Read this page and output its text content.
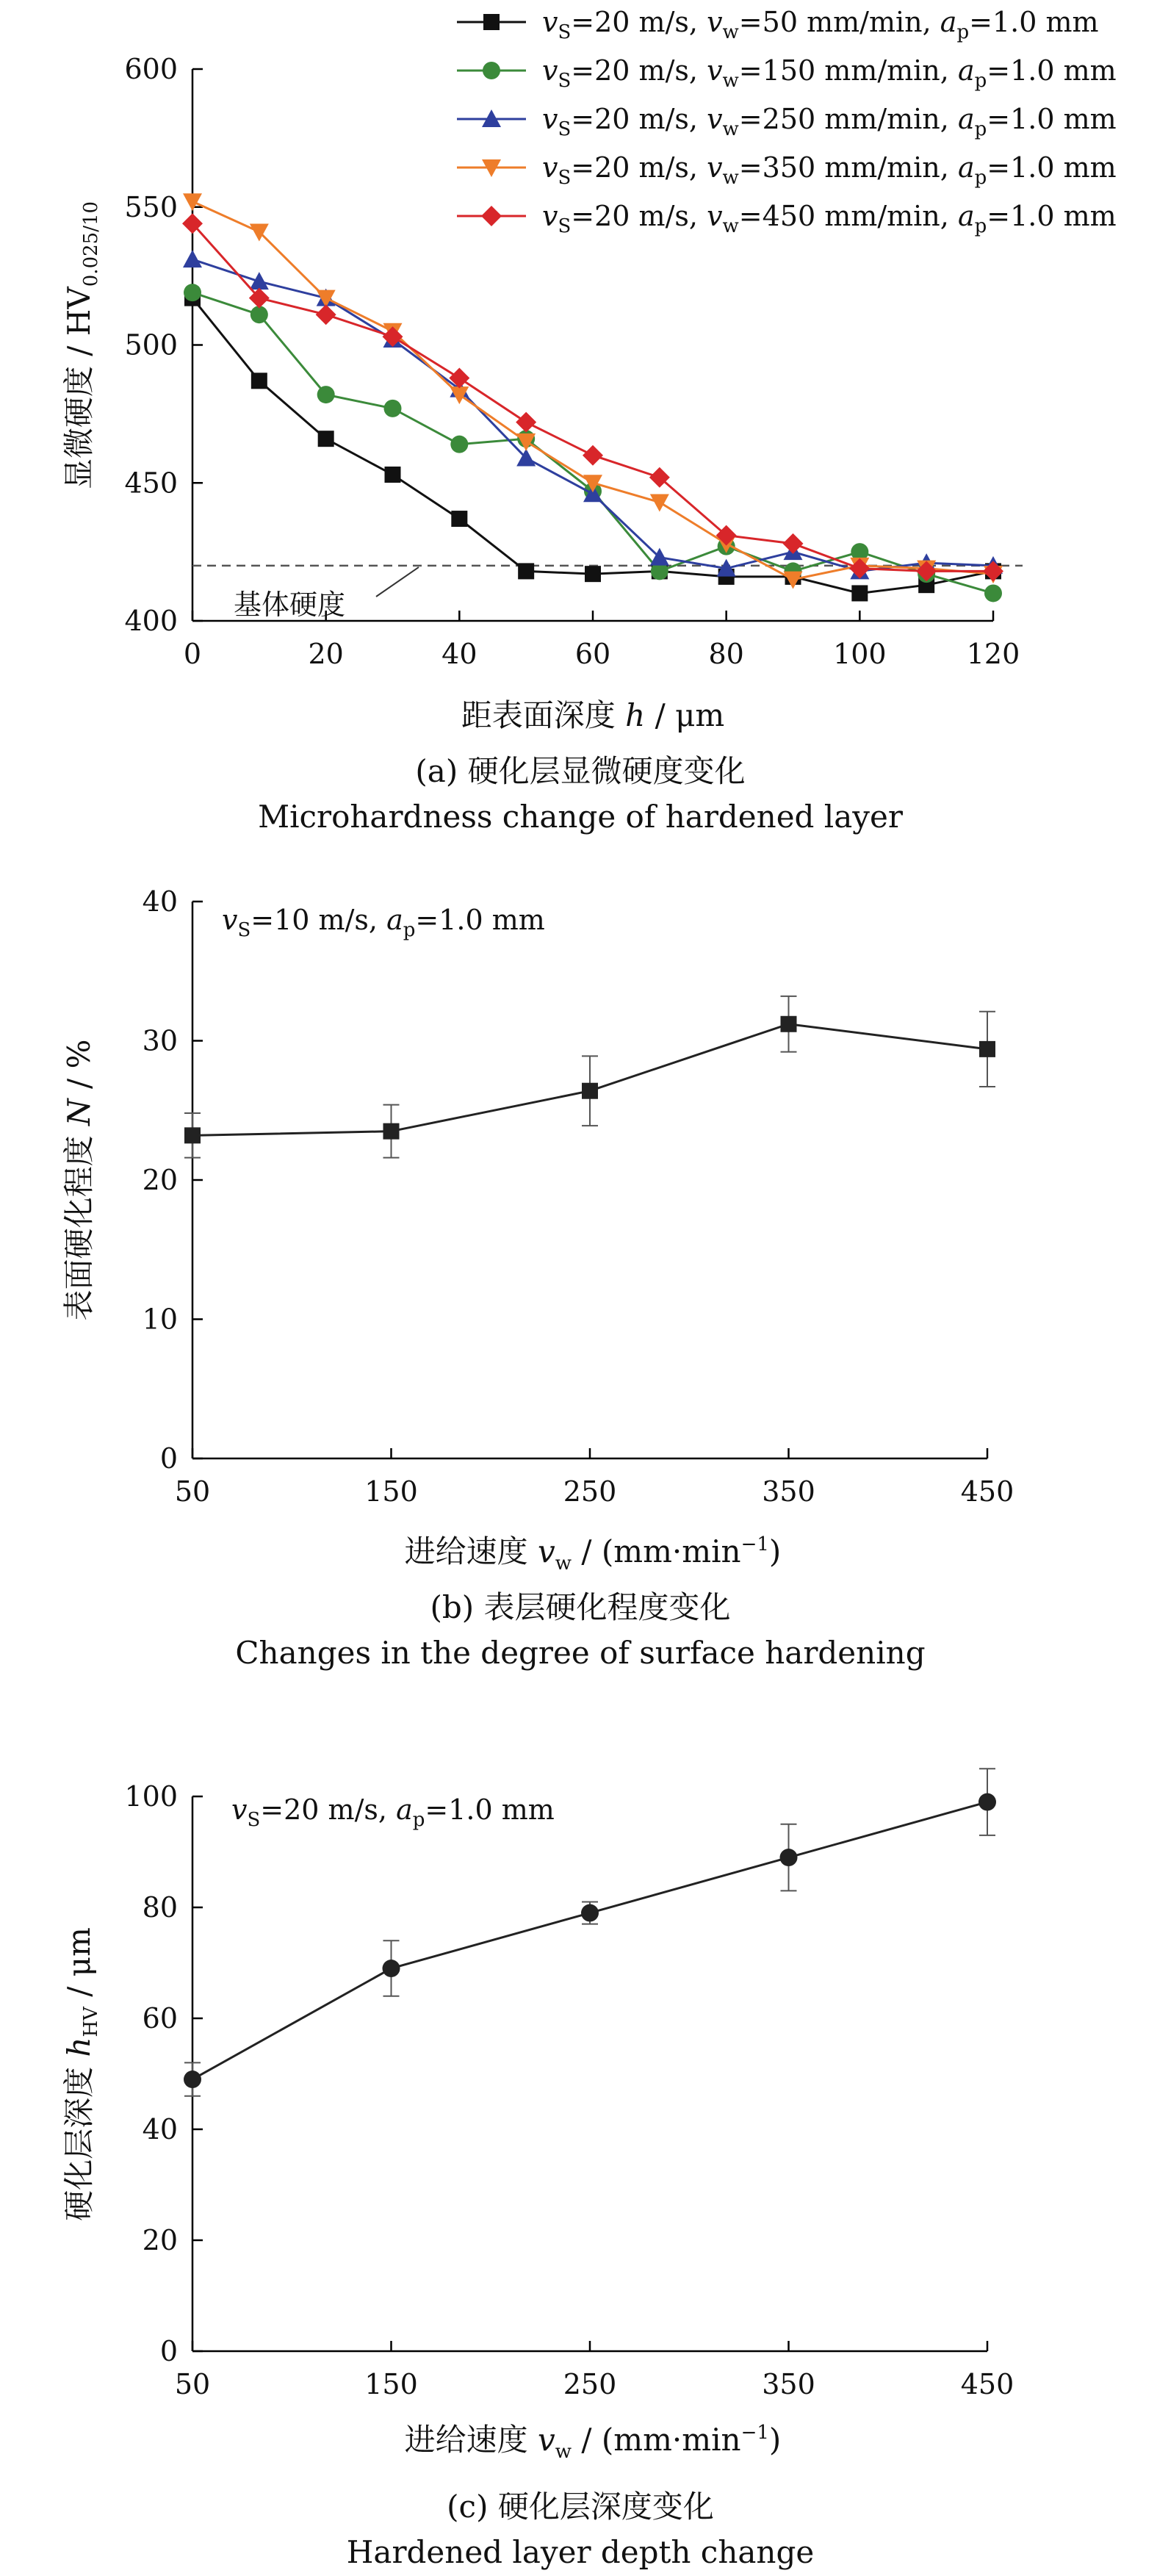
0	20	40	60	80	100	120
400
450
500
550
600
基体硬度
$v_S=20$ m/s, $v_w=50$ mm/min, $a_p=1.0$ mm
$v_S=20$ m/s, $v_w=150$ mm/min, $a_p=1.0$ mm
$v_S=20$ m/s, $v_w=250$ mm/min, $a_p=1.0$ mm
$v_S=20$ m/s, $v_w=350$ mm/min, $a_p=1.0$ mm
$v_S=20$ m/s, $v_w=450$ mm/min, $a_p=1.0$ mm
距表面深度 h / μm
显微硬度 / $HV_{0.025/10}$
(a) 硬化层显微硬度变化
Microhardness change of hardened layer
50	150	250	350	450
0
10
20
30
40
$v_S=10$ m/s, $a_p=1.0$ mm
进给速度 $v_w / (mm\cdot\min^{-1})$
表面硬化程度 N / %
(b) 表层硬化程度变化
Changes in the degree of surface hardening
50	150	250	350	450
0
20
40
60
80
100 $v_S=20$ m/s, $a_p=1.0$ mm
进给速度 $v_w / (mm\cdot\min^{-1})$
硬化层深度 $h_{HV}$ / μm
(c) 硬化层深度变化
Hardened layer depth change
